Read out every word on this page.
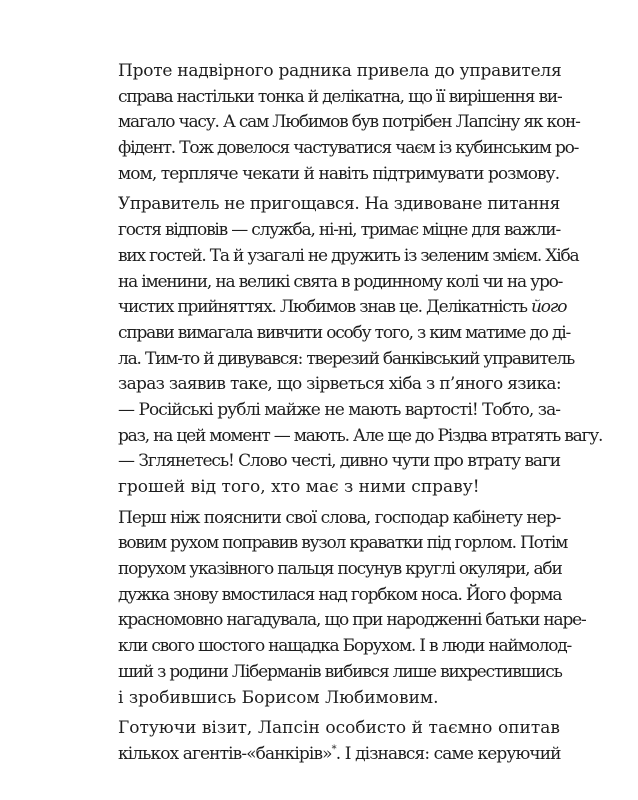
Проте надвірного радника привела до управителя
справа настільки тонка й делікатна, що її вирішення ви-
магало часу. А сам Любимов був потрібен Лапсіну як кон-
фідент. Тож довелося частуватися чаєм із кубинським ро-
мом, терпляче чекати й навіть підтримувати розмову.
Управитель не пригощався. На здивоване питання
гостя відповів — служба, ні-ні, тримає міцне для важли-
вих гостей. Та й узагалі не дружить із зеленим змієм. Хіба
на іменини, на великі свята в родинному колі чи на уро-
чистих прийняттях. Любимов знав це. Делікатність його
справи вимагала вивчити особу того, з ким матиме до ді-
ла. Тим-то й дивувався: тверезий банківський управитель
зараз заявив таке, що зірветься хіба з п’яного язика:
— Російські рублі майже не мають вартості! Тобто, за-
раз, на цей момент — мають. Але ще до Різдва втратять вагу.
— Зглянетесь! Слово честі, дивно чути про втрату ваги
грошей від того, хто має з ними справу!
Перш ніж пояснити свої слова, господар кабінету нер-
вовим рухом поправив вузол краватки під горлом. Потім
порухом указівного пальця посунув круглі окуляри, аби
дужка знову вмостилася над горбком носа. Його форма
красномовно нагадувала, що при народженні батьки наре-
кли свого шостого нащадка Борухом. І в люди наймолод-
ший з родини Ліберманів вибився лише вихрестившись
і зробившись Борисом Любимовим.
Готуючи візит, Лапсін особисто й таємно опитав
кількох агентів-«банкірів»*. І дізнався: саме керуючий
